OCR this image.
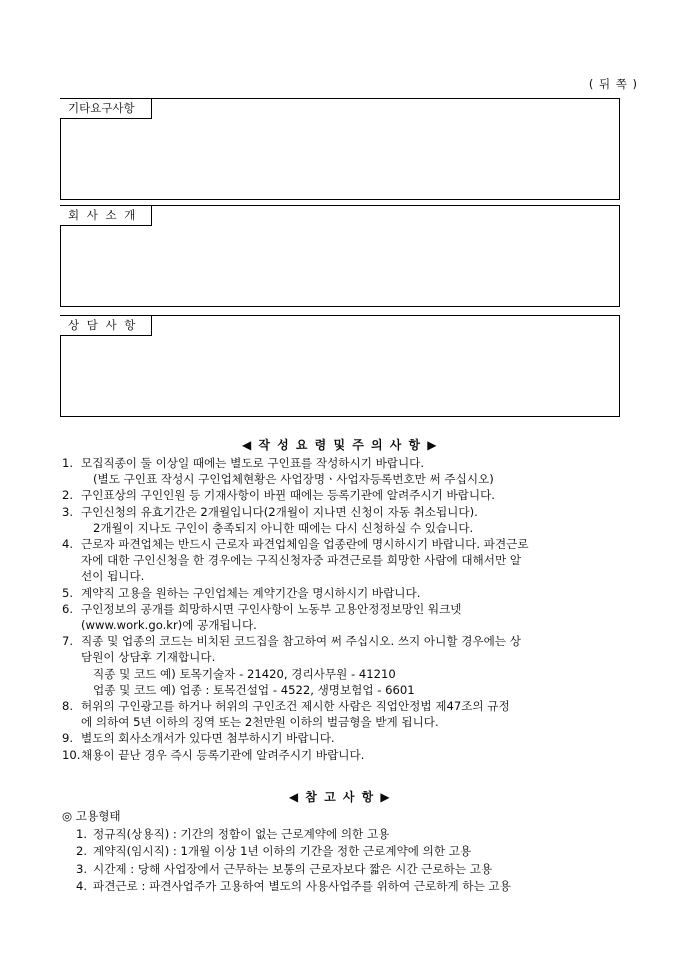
( 뒤 쪽 )
기타요구사항
회 사 소 개
상 담 사 항
◀ 작 성 요 령 및 주 의 사 항 ▶
1. 모집직종이 둘 이상일 때에는 별도로 구인표를 작성하시기 바랍니다.
(별도 구인표 작성시 구인업체현황은 사업장명ㆍ사업자등록번호만 써 주십시오)
2. 구인표상의 구인인원 등 기재사항이 바뀐 때에는 등록기관에 알려주시기 바랍니다.
3. 구인신청의 유효기간은 2개월입니다(2개월이 지나면 신청이 자동 취소됩니다).
2개월이 지나도 구인이 충족되지 아니한 때에는 다시 신청하실 수 있습니다.
4. 근로자 파견업체는 반드시 근로자 파견업체임을 업종란에 명시하시기 바랍니다. 파견근로
자에 대한 구인신청을 한 경우에는 구직신청자중 파견근로를 희망한 사람에 대해서만 알
선이 됩니다.
5. 계약직 고용을 원하는 구인업체는 계약기간을 명시하시기 바랍니다.
6. 구인정보의 공개를 희망하시면 구인사항이 노동부 고용안정정보망인 워크넷
(www.work.go.kr)에 공개됩니다.
7. 직종 및 업종의 코드는 비치된 코드집을 참고하여 써 주십시오. 쓰지 아니할 경우에는 상
담원이 상담후 기재합니다.
직종 및 코드 예) 토목기술자 - 21420, 경리사무원 - 41210
업종 및 코드 예) 업종 : 토목건설업 - 4522, 생명보험업 - 6601
8. 허위의 구인광고를 하거나 허위의 구인조건 제시한 사람은 직업안정법 제47조의 규정
에 의하여 5년 이하의 징역 또는 2천만원 이하의 벌금형을 받게 됩니다.
9. 별도의 회사소개서가 있다면 첨부하시기 바랍니다.
10. 채용이 끝난 경우 즉시 등록기관에 알려주시기 바랍니다.
◀ 참 고 사 항 ▶
◎ 고용형태
1. 정규직(상용직) : 기간의 정함이 없는 근로계약에 의한 고용
2. 계약직(임시직) : 1개월 이상 1년 이하의 기간을 정한 근로계약에 의한 고용
3. 시간제 : 당해 사업장에서 근무하는 보통의 근로자보다 짧은 시간 근로하는 고용
4. 파견근로 : 파견사업주가 고용하여 별도의 사용사업주를 위하여 근로하게 하는 고용
